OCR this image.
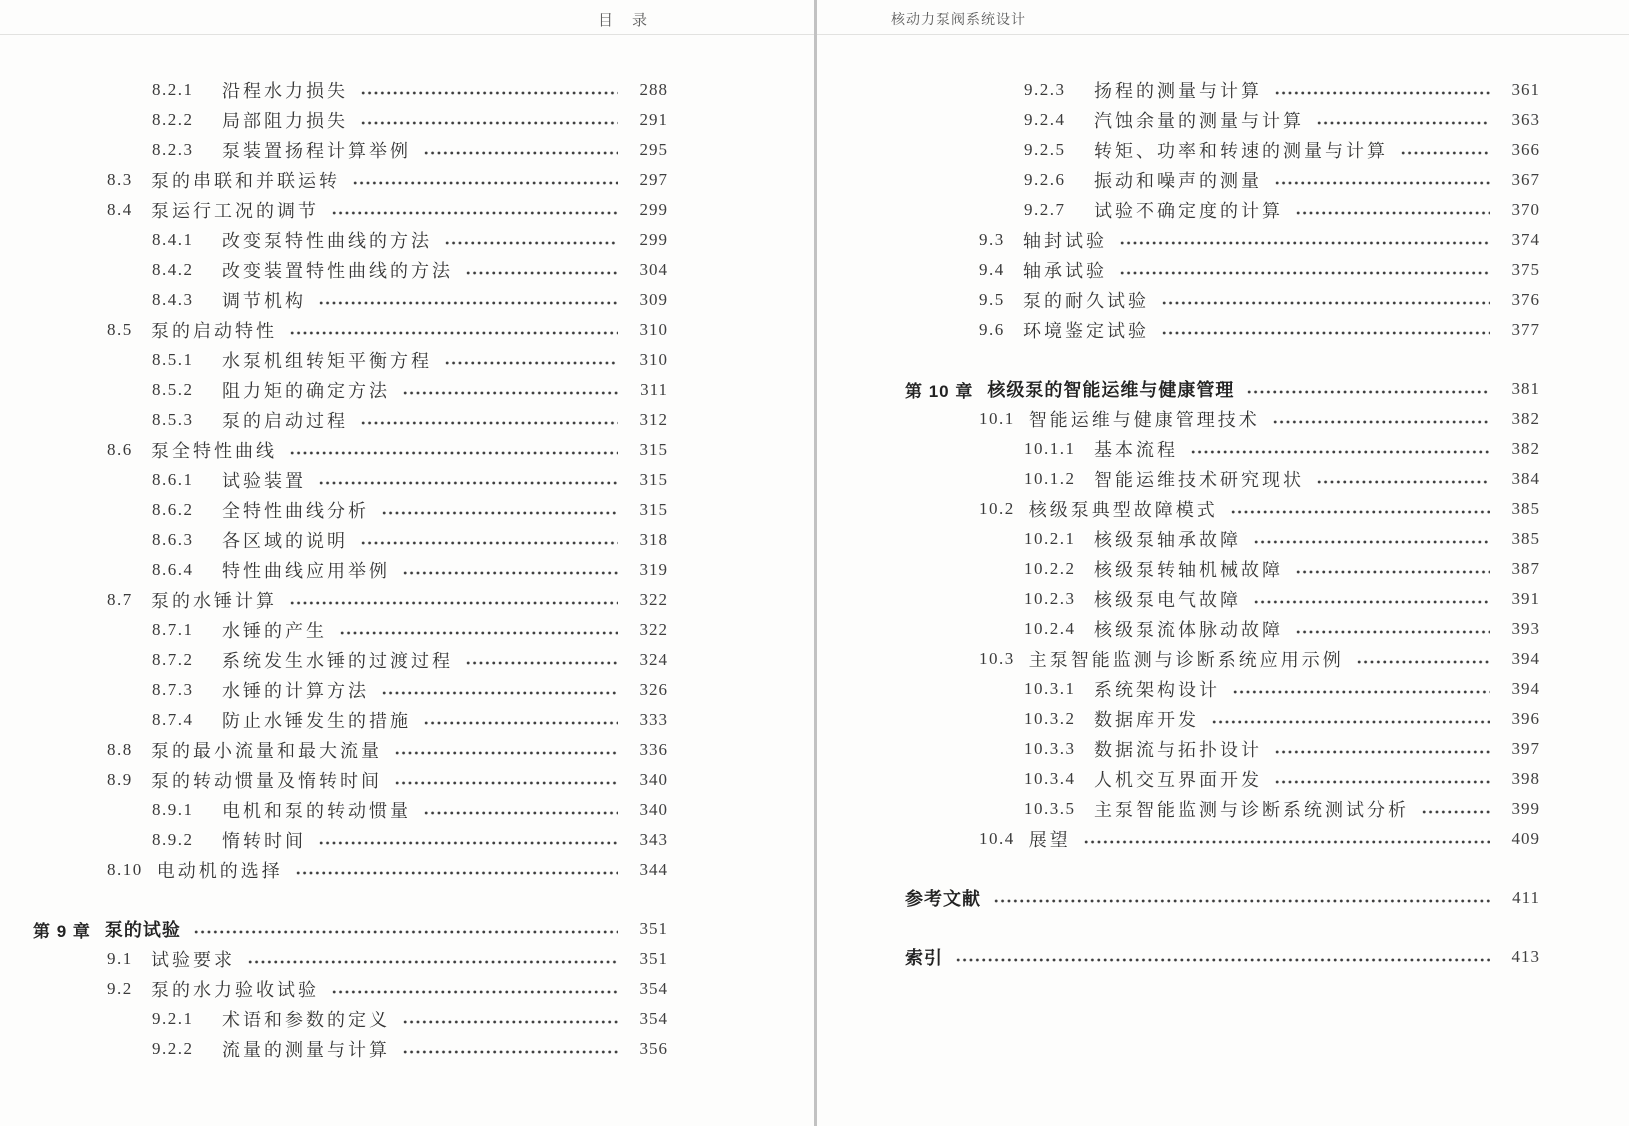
目　录
8.2.1	沿程水力损失	288
8.2.2	局部阻力损失	291
8.2.3	泵装置扬程计算举例	295
8.3 泵的串联和并联运转	297
8.4 泵运行工况的调节	299
8.4.1	改变泵特性曲线的方法	299
8.4.2	改变装置特性曲线的方法	304
8.4.3	调节机构	309
8.5 泵的启动特性	310
8.5.1	水泵机组转矩平衡方程	310
8.5.2	阻力矩的确定方法	311
8.5.3	泵的启动过程	312
8.6 泵全特性曲线	315
8.6.1	试验装置	315
8.6.2	全特性曲线分析	315
8.6.3	各区域的说明	318
8.6.4	特性曲线应用举例	319
8.7 泵的水锤计算	322
8.7.1	水锤的产生	322
8.7.2	系统发生水锤的过渡过程	324
8.7.3	水锤的计算方法	326
8.7.4	防止水锤发生的措施	333
8.8 泵的最小流量和最大流量	336
8.9 泵的转动惯量及惰转时间	340
8.9.1	电机和泵的转动惯量	340
8.9.2	惰转时间	343
8.10 电动机的选择	344
第 9 章 泵的试验	351
9.1 试验要求	351
9.2 泵的水力验收试验	354
9.2.1	术语和参数的定义	354
9.2.2	流量的测量与计算	356
核动力泵阀系统设计
9.2.3	扬程的测量与计算	361
9.2.4	汽蚀余量的测量与计算	363
9.2.5	转矩、功率和转速的测量与计算	366
9.2.6	振动和噪声的测量	367
9.2.7	试验不确定度的计算	370
9.3 轴封试验	374
9.4 轴承试验	375
9.5 泵的耐久试验	376
9.6 环境鉴定试验	377
第 10 章 核级泵的智能运维与健康管理	381
10.1 智能运维与健康管理技术	382
10.1.1 基本流程	382
10.1.2 智能运维技术研究现状	384
10.2 核级泵典型故障模式	385
10.2.1 核级泵轴承故障	385
10.2.2 核级泵转轴机械故障	387
10.2.3 核级泵电气故障	391
10.2.4 核级泵流体脉动故障	393
10.3 主泵智能监测与诊断系统应用示例	394
10.3.1 系统架构设计	394
10.3.2 数据库开发	396
10.3.3 数据流与拓扑设计	397
10.3.4 人机交互界面开发	398
10.3.5 主泵智能监测与诊断系统测试分析	399
10.4 展望	409
参考文献	411
索引	413
